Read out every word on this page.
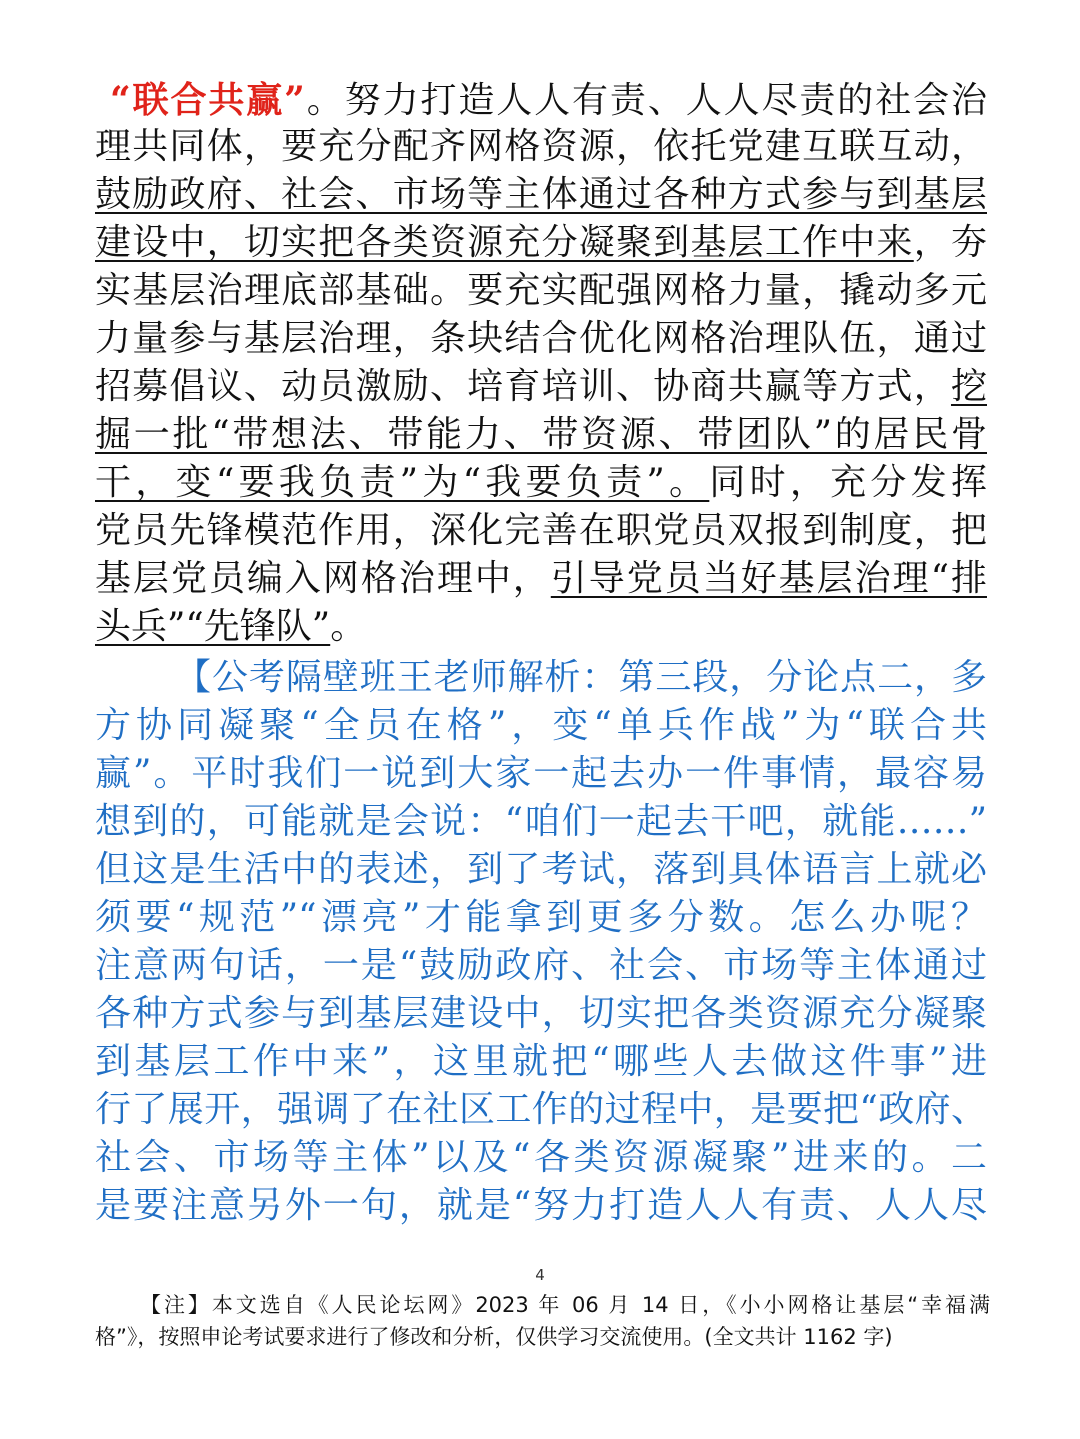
“联合共赢”。努力打造人人有责、人人尽责的社会治
理共同体，要充分配齐网格资源，依托党建互联互动，
鼓励政府、社会、市场等主体通过各种方式参与到基层
建设中，切实把各类资源充分凝聚到基层工作中来，夯
实基层治理底部基础。要充实配强网格力量，撬动多元
力量参与基层治理，条块结合优化网格治理队伍，通过
招募倡议、动员激励、培育培训、协商共赢等方式，挖
掘一批“带想法、带能力、带资源、带团队”的居民骨
干，变“要我负责”为“我要负责”。同时，充分发挥
党员先锋模范作用，深化完善在职党员双报到制度，把
基层党员编入网格治理中，引导党员当好基层治理“排
头兵”“先锋队”。
【公考隔壁班王老师解析：第三段，分论点二，多
方协同凝聚“全员在格”，变“单兵作战”为“联合共
赢”。平时我们一说到大家一起去办一件事情，最容易
想到的，可能就是会说：“咱们一起去干吧，就能……”
但这是生活中的表述，到了考试，落到具体语言上就必
须要“规范”“漂亮”才能拿到更多分数。怎么办呢？
注意两句话，一是“鼓励政府、社会、市场等主体通过
各种方式参与到基层建设中，切实把各类资源充分凝聚
到基层工作中来”，这里就把“哪些人去做这件事”进
行了展开，强调了在社区工作的过程中，是要把“政府、
社会、市场等主体”以及“各类资源凝聚”进来的。二
是要注意另外一句，就是“努力打造人人有责、人人尽
4
【注】本文选自《人民论坛网》2023 年 06 月 14 日，《小小网格让基层“幸福满
格”》，按照申论考试要求进行了修改和分析，仅供学习交流使用。(全文共计 1162 字)
